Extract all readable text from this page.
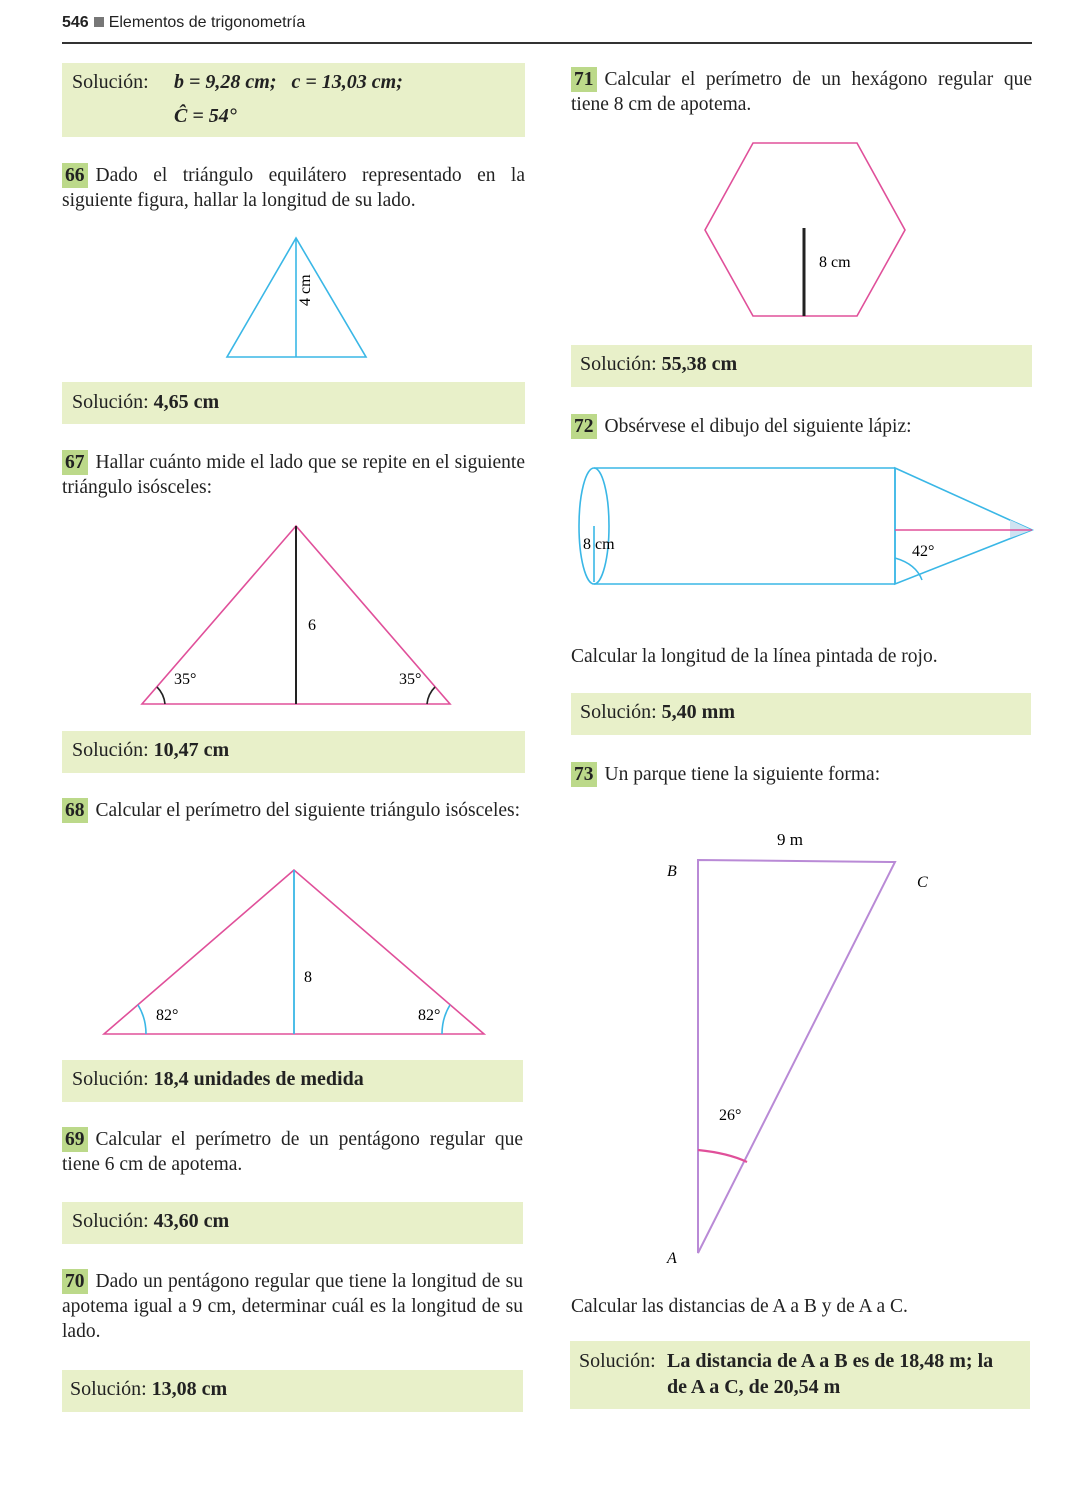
546 Elementos de trigonometría
Solución: b = 9,28 cm;   c = 13,03 cm;
Ĉ = 54°
66 Dado el triángulo equilátero representado en la siguiente figura, hallar la longitud de su lado.
4 cm
Solución: 4,65 cm
67 Hallar cuánto mide el lado que se repite en el siguiente triángulo isósceles:
6
35°	35°
Solución: 10,47 cm
68 Calcular el perímetro del siguiente triángulo isósceles:
8
82°	82°
Solución: 18,4 unidades de medida
69 Calcular el perímetro de un pentágono regular que tiene 6 cm de apotema.
Solución: 43,60 cm
70 Dado un pentágono regular que tiene la longitud de su apotema igual a 9 cm, determinar cuál es la longitud de su lado.
Solución: 13,08 cm
71 Calcular el perímetro de un hexágono regular que tiene 8 cm de apotema.
8 cm
Solución: 55,38 cm
72 Obsérvese el dibujo del siguiente lápiz:
8 cm	42°
Calcular la longitud de la línea pintada de rojo.
Solución: 5,40 mm
73 Un parque tiene la siguiente forma:
9 m
B
C
26°
A
Calcular las distancias de A a B y de A a C.
Solución: La distancia de A a B es de 18,48 m; la
de A a C, de 20,54 m
